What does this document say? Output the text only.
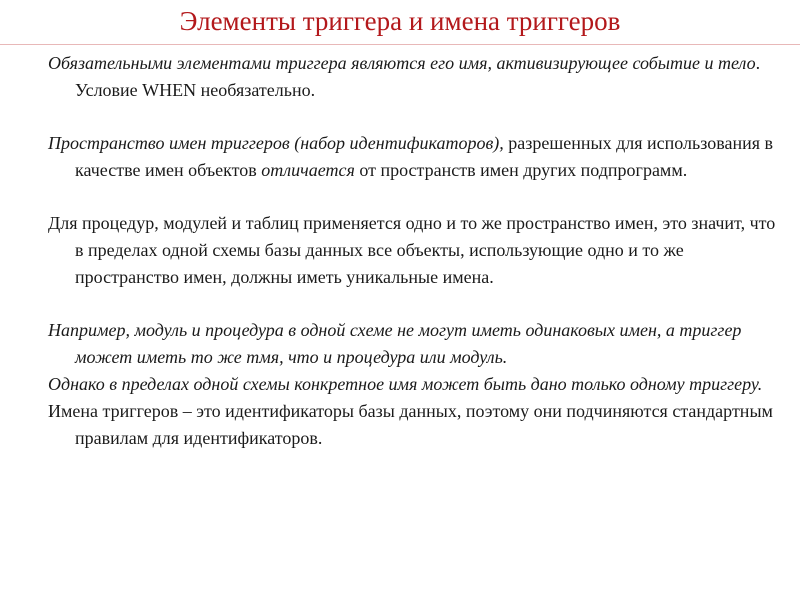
Элементы триггера и имена триггеров

Обязательными элементами триггера являются его имя, активизирующее событие и тело. Условие WHEN необязательно.

Пространство имен триггеров (набор идентификаторов), разрешенных для использования в качестве имен объектов отличается от пространств имен других подпрограмм.

Для процедур, модулей и таблиц применяется одно и то же пространство имен, это значит, что в пределах одной схемы базы данных все объекты, использующие одно и то же пространство имен, должны иметь уникальные имена.

Например, модуль и процедура в одной схеме не могут иметь одинаковых имен, а триггер может иметь то же тмя, что и процедура или модуль.

Однако в пределах одной схемы конкретное имя может быть дано только одному триггеру.

Имена триггеров – это идентификаторы базы данных, поэтому они подчиняются стандартным правилам для идентификаторов.
